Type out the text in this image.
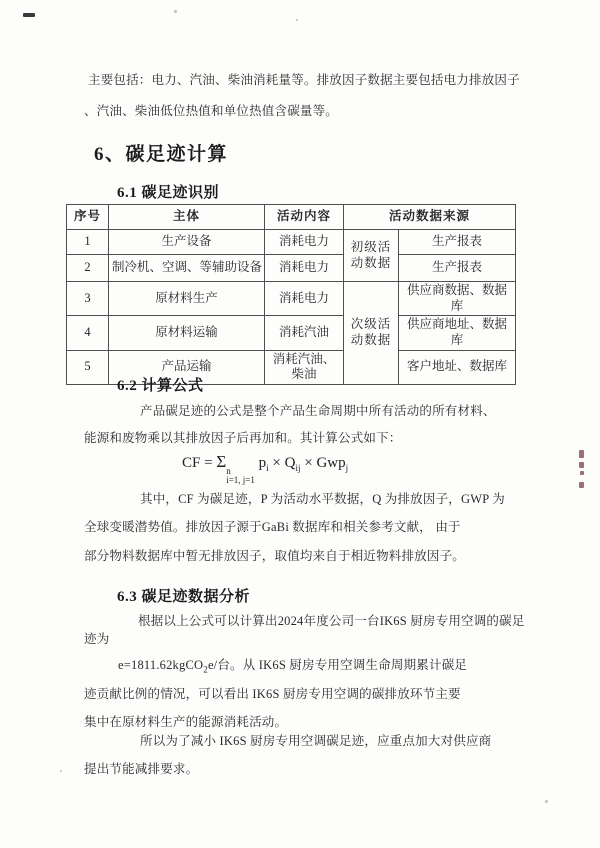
主要包括：电力、汽油、柴油消耗量等。排放因子数据主要包括电力排放因子
、汽油、柴油低位热值和单位热值含碳量等。
6、碳足迹计算
6.1 碳足迹识别
序号	主体	活动内容	活动数据来源	
1	生产设备	消耗电力	初级活动数据	生产报表
2	制冷机、空调、等辅助设备	消耗电力		生产报表
3	原材料生产	消耗电力	次级活动数据	供应商数据、数据库
4	原材料运输	消耗汽油		供应商地址、数据库
5	产品运输	消耗汽油、柴油		客户地址、数据库
6.2 计算公式
产品碳足迹的公式是整个产品生命周期中所有活动的所有材料、
能源和废物乘以其排放因子后再加和。其计算公式如下：
CF = Σ n
i=1, j=1
$p_i \times Q_{ij} \times Gwp_j$
其中，CF 为碳足迹，P 为活动水平数据，Q 为排放因子，GWP 为
全球变暖潜势值。排放因子源于GaBi 数据库和相关参考文献， 由于
部分物料数据库中暂无排放因子，取值均来自于相近物料排放因子。
6.3 碳足迹数据分析
根据以上公式可以计算出2024年度公司一台IK6S 厨房专用空调的碳足
迹为
e=1811.62kgCO$_2$e/台。从 IK6S 厨房专用空调生命周期累计碳足
迹贡献比例的情况，可以看出 IK6S 厨房专用空调的碳排放环节主要
集中在原材料生产的能源消耗活动。
所以为了减小 IK6S 厨房专用空调碳足迹，应重点加大对供应商
提出节能减排要求。
